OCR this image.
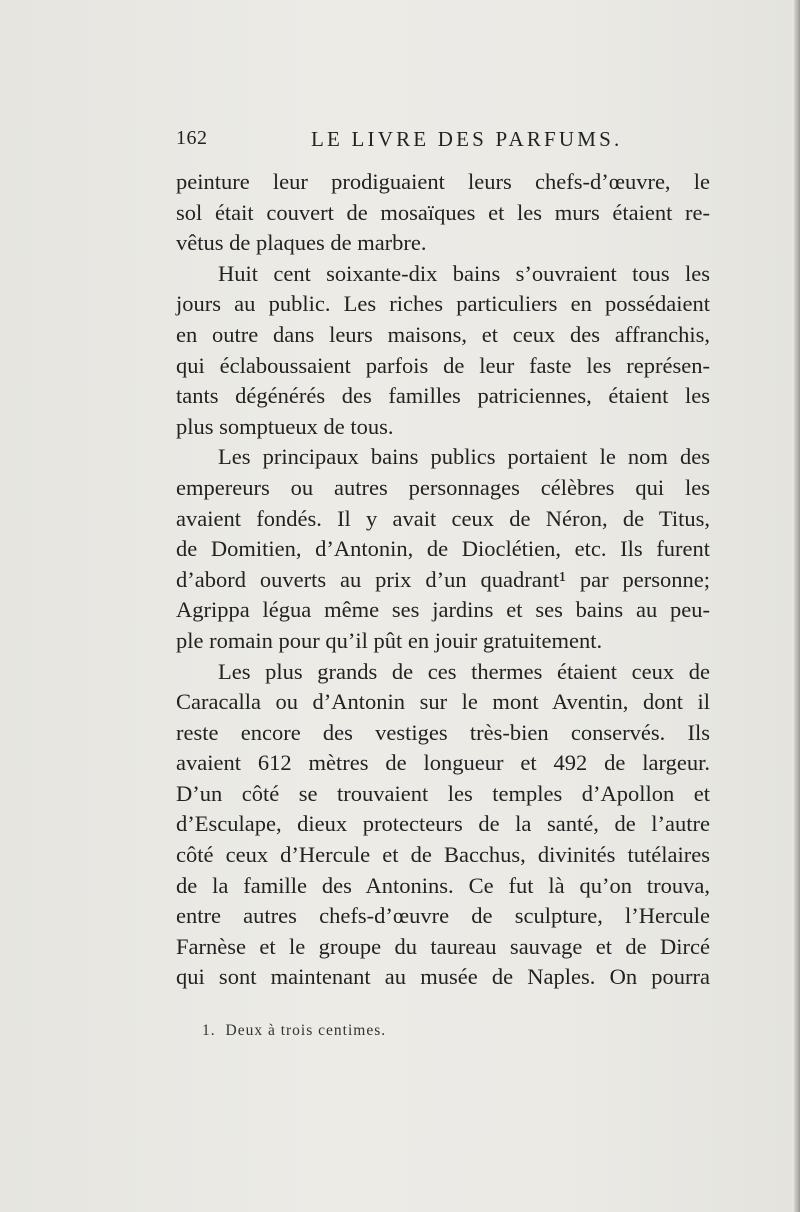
162	LE LIVRE DES PARFUMS.
peinture leur prodiguaient leurs chefs-d’œuvre, le
sol était couvert de mosaïques et les murs étaient re-
vêtus de plaques de marbre.
Huit cent soixante-dix bains s’ouvraient tous les
jours au public. Les riches particuliers en possédaient
en outre dans leurs maisons, et ceux des affranchis,
qui éclaboussaient parfois de leur faste les représen-
tants dégénérés des familles patriciennes, étaient les
plus somptueux de tous.
Les principaux bains publics portaient le nom des
empereurs ou autres personnages célèbres qui les
avaient fondés. Il y avait ceux de Néron, de Titus,
de Domitien, d’Antonin, de Dioclétien, etc. Ils furent
d’abord ouverts au prix d’un quadrant¹ par personne;
Agrippa légua même ses jardins et ses bains au peu-
ple romain pour qu’il pût en jouir gratuitement.
Les plus grands de ces thermes étaient ceux de
Caracalla ou d’Antonin sur le mont Aventin, dont il
reste encore des vestiges très-bien conservés. Ils
avaient 612 mètres de longueur et 492 de largeur.
D’un côté se trouvaient les temples d’Apollon et
d’Esculape, dieux protecteurs de la santé, de l’autre
côté ceux d’Hercule et de Bacchus, divinités tutélaires
de la famille des Antonins. Ce fut là qu’on trouva,
entre autres chefs-d’œuvre de sculpture, l’Hercule
Farnèse et le groupe du taureau sauvage et de Dircé
qui sont maintenant au musée de Naples. On pourra
1. Deux à trois centimes.
